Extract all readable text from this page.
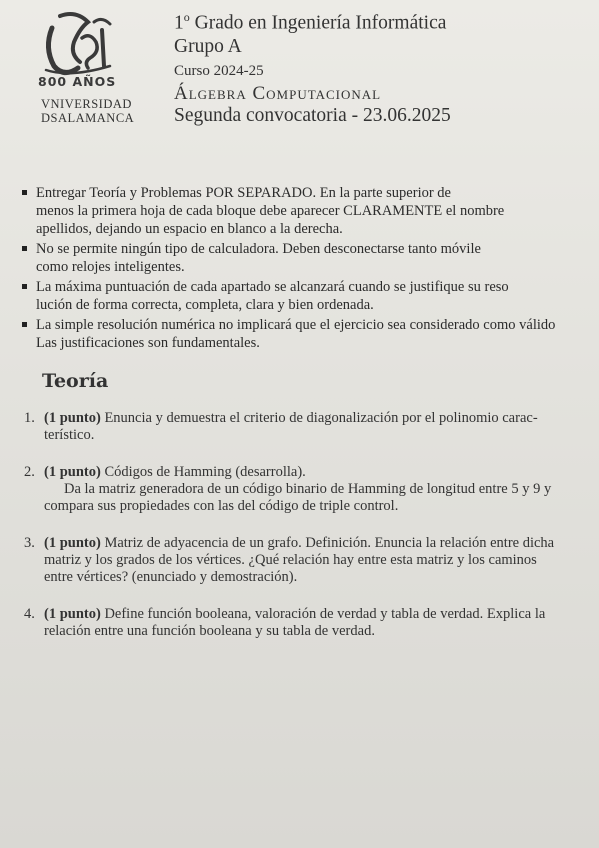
800 AÑOS
VNIVERSIDAD
DSALAMANCA
1$^o$ Grado en Ingeniería Informática
Grupo A
Curso 2024-25
Álgebra Computacional
Segunda convocatoria - 23.06.2025
Entregar Teoría y Problemas POR SEPARADO. En la parte superior de
menos la primera hoja de cada bloque debe aparecer CLARAMENTE el nombre
apellidos, dejando un espacio en blanco a la derecha.
No se permite ningún tipo de calculadora. Deben desconectarse tanto móvile
como relojes inteligentes.
La máxima puntuación de cada apartado se alcanzará cuando se justifique su reso
lución de forma correcta, completa, clara y bien ordenada.
La simple resolución numérica no implicará que el ejercicio sea considerado como válido
Las justificaciones son fundamentales.
Teoría
1. (1 punto) Enuncia y demuestra el criterio de diagonalización por el polinomio carac-
terístico.
2. (1 punto) Códigos de Hamming (desarrolla).
Da la matriz generadora de un código binario de Hamming de longitud entre 5 y 9 y
compara sus propiedades con las del código de triple control.
3. (1 punto) Matriz de adyacencia de un grafo. Definición. Enuncia la relación entre dicha
matriz y los grados de los vértices. ¿Qué relación hay entre esta matriz y los caminos
entre vértices? (enunciado y demostración).
4. (1 punto) Define función booleana, valoración de verdad y tabla de verdad. Explica la
relación entre una función booleana y su tabla de verdad.
